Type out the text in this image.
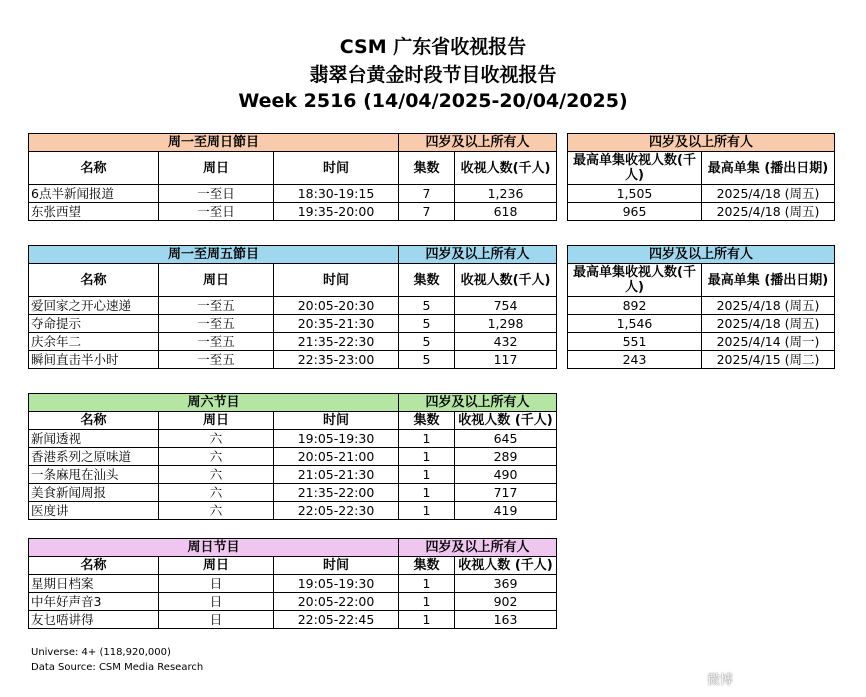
CSM 广东省收视报告
翡翠台黄金时段节目收视报告
Week 2516 (14/04/2025-20/04/2025)
周一至周日節目			四岁及以上所有人	
名称	周日	时间	集数	收视人数(千人)
6点半新闻报道	一至日	18:30-19:15	7	1,236
东张西望	一至日	19:35-20:00	7	618
四岁及以上所有人	
最高单集收视人数(千人)	最高单集 (播出日期)
1,505	2025/4/18 (周五)
965	2025/4/18 (周五)
周一至周五節目			四岁及以上所有人	
名称	周日	时间	集数	收视人数(千人)
爱回家之开心速递	一至五	20:05-20:30	5	754
夺命提示	一至五	20:35-21:30	5	1,298
庆余年二	一至五	21:35-22:30	5	432
瞬间直击半小时	一至五	22:35-23:00	5	117
四岁及以上所有人	
最高单集收视人数(千人)	最高单集 (播出日期)
892	2025/4/18 (周五)
1,546	2025/4/18 (周五)
551	2025/4/14 (周一)
243	2025/4/15 (周二)
周六节目			四岁及以上所有人	
名称	周日	时间	集数	收视人数 (千人)
新闻透视	六	19:05-19:30	1	645
香港系列之原味道	六	20:05-21:00	1	289
一条麻甩在汕头	六	21:05-21:30	1	490
美食新闻周报	六	21:35-22:00	1	717
医度讲	六	22:05-22:30	1	419
周日节目			四岁及以上所有人	
名称	周日	时间	集数	收视人数 (千人)
星期日档案	日	19:05-19:30	1	369
中年好声音3	日	20:05-22:00	1	902
友乜唔讲得	日	22:05-22:45	1	163
Universe: 4+ (118,920,000)
Data Source: CSM Media Research
微博
